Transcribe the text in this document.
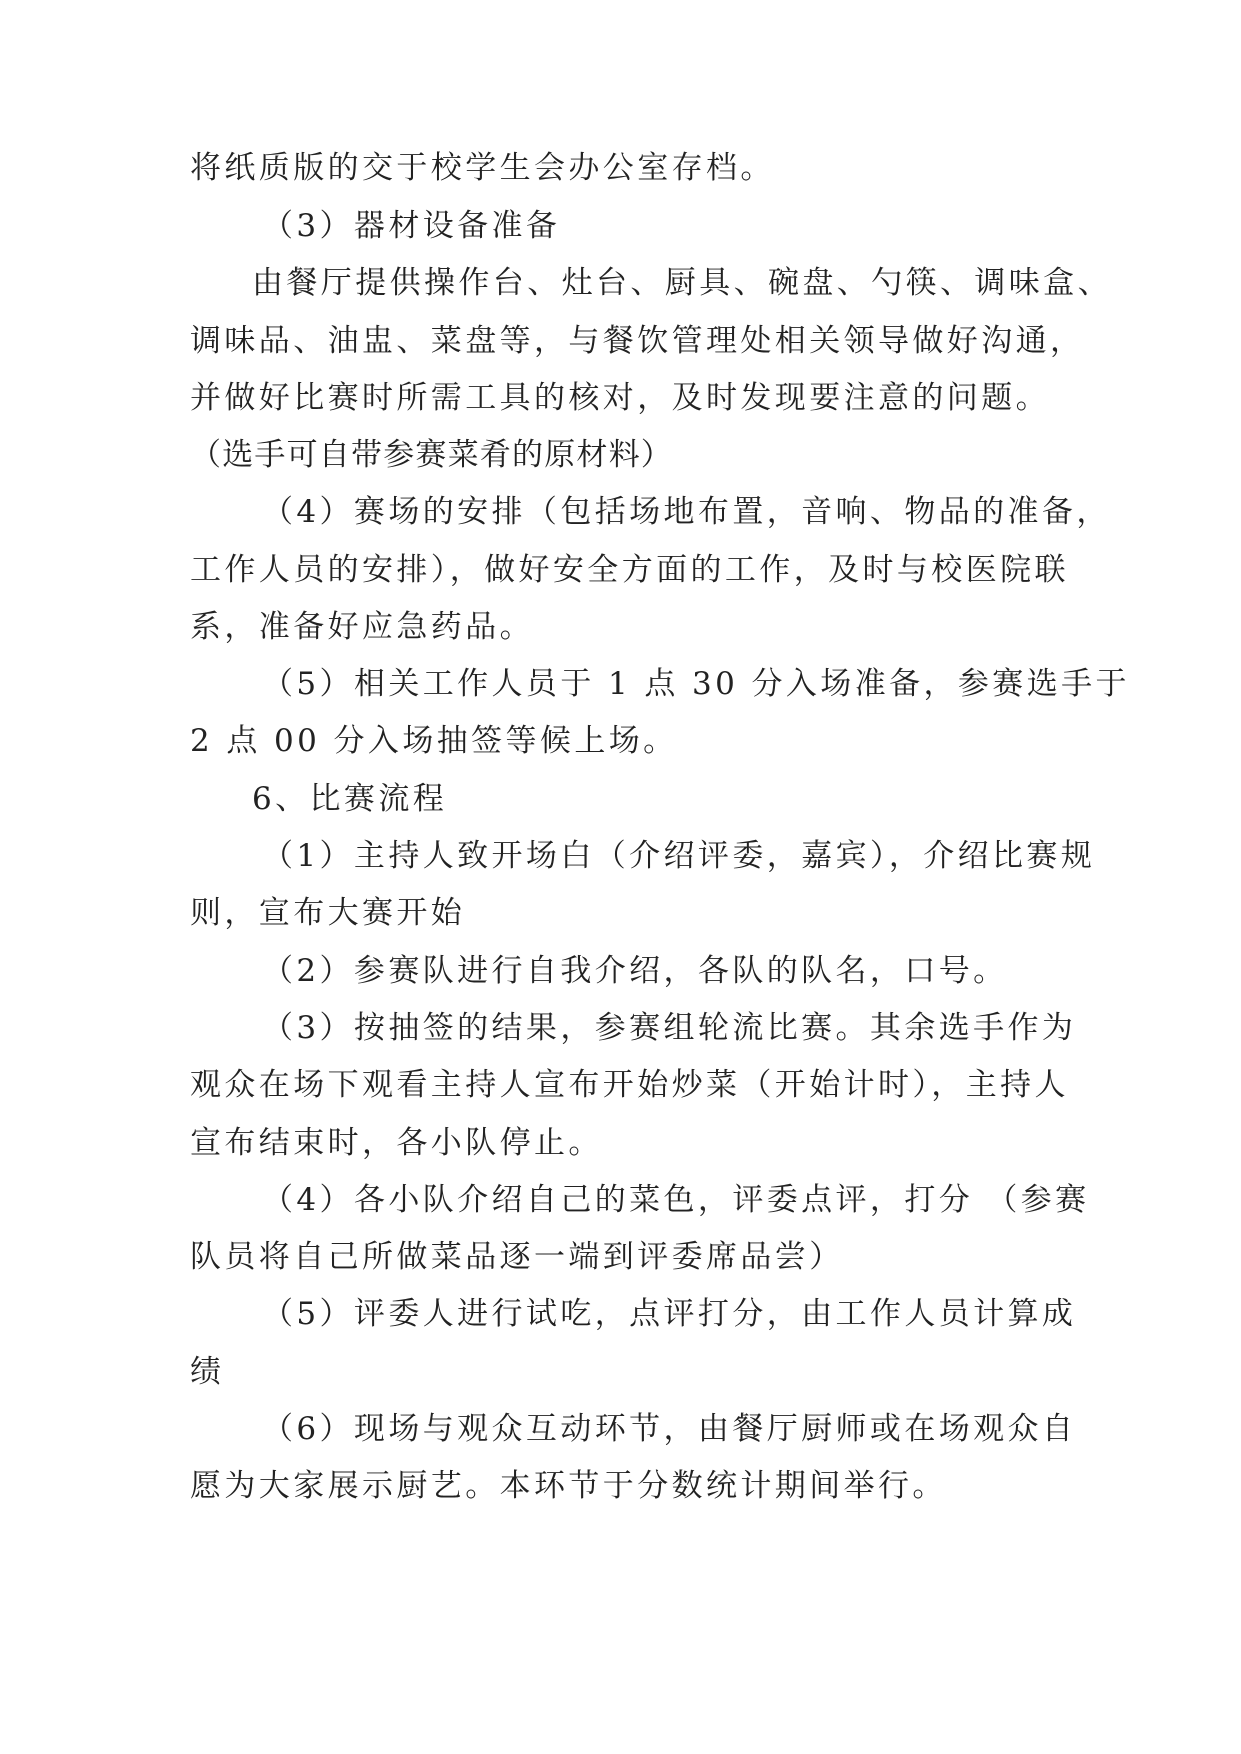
将纸质版的交于校学生会办公室存档。
（3）器材设备准备
由餐厅提供操作台、灶台、厨具、碗盘、勺筷、调味盒、
调味品、油盅、菜盘等，与餐饮管理处相关领导做好沟通，
并做好比赛时所需工具的核对，及时发现要注意的问题。
（选手可自带参赛菜肴的原材料）
（4）赛场的安排（包括场地布置，音响、物品的准备，
工作人员的安排），做好安全方面的工作，及时与校医院联
系，准备好应急药品。
（5）相关工作人员于 1 点 30 分入场准备，参赛选手于
2 点 00 分入场抽签等候上场。
6、比赛流程
（1）主持人致开场白（介绍评委，嘉宾），介绍比赛规
则，宣布大赛开始
（2）参赛队进行自我介绍，各队的队名，口号。
（3）按抽签的结果，参赛组轮流比赛。其余选手作为
观众在场下观看主持人宣布开始炒菜（开始计时），主持人
宣布结束时，各小队停止。
（4）各小队介绍自己的菜色，评委点评，打分 （参赛
队员将自己所做菜品逐一端到评委席品尝）
（5）评委人进行试吃，点评打分，由工作人员计算成
绩
（6）现场与观众互动环节，由餐厅厨师或在场观众自
愿为大家展示厨艺。本环节于分数统计期间举行。
